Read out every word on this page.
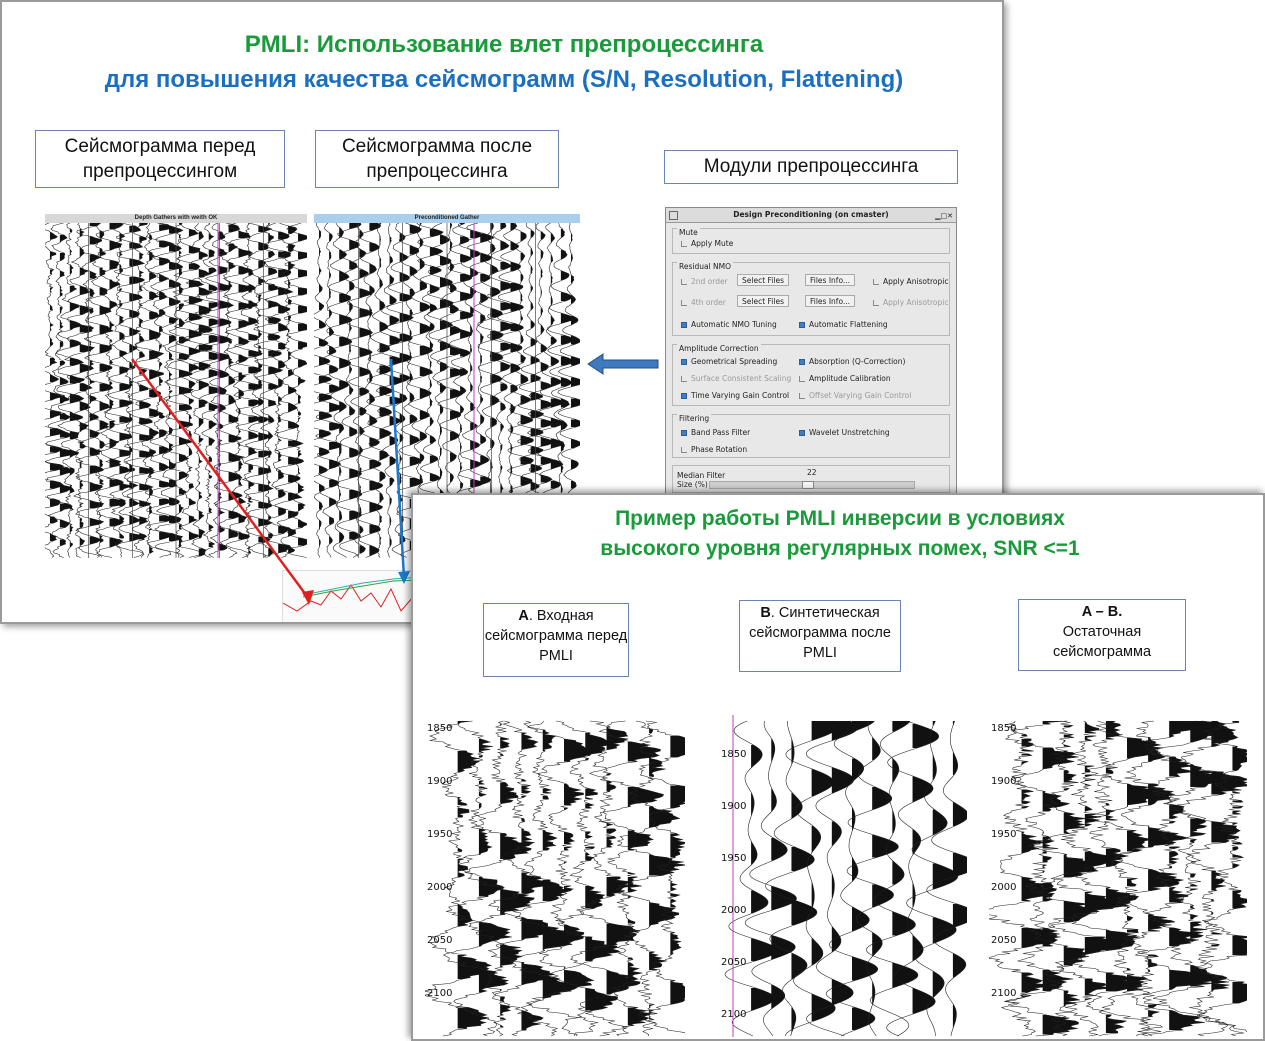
PMLI: Использование влет препроцессинга
для повышения качества сейсмограмм (S/N, Resolution, Flattening)
Сейсмограмма перед препроцессингом
Сейсмограмма после препроцессинга	Модули препроцессинга
Depth Gathers with weith OK	Preconditioned Gather	Design Preconditioning (on cmaster)	▁□✕
Mute
Apply Mute
Residual NMO
2nd order	Select Files	Files Info...	Apply Anisotropic
4th order	Select Files	Files Info...	Apply Anisotropic
Automatic NMO Tuning	Automatic Flattening
Amplitude Correction
Geometrical Spreading	Absorption (Q-Correction)
Surface Consistent Scaling	Amplitude Calibration
Time Varying Gain Control	Offset Varying Gain Control
Filtering
Band Pass Filter	Wavelet Unstretching
Phase Rotation
Median Filter
Size (%)
22
Пример работы PMLI инверсии в условиях
высокого уровня регулярных помех, SNR <=1
A. Входная сейсмограмма перед PMLI
B. Синтетическая сейсмограмма после PMLI
A – B.
Остаточная сейсмограмма
1850
1900
1950
2000
2050
2100
1850
1900
1950
2000
2050
2100
1850
1900
1950
2000
2050
2100
